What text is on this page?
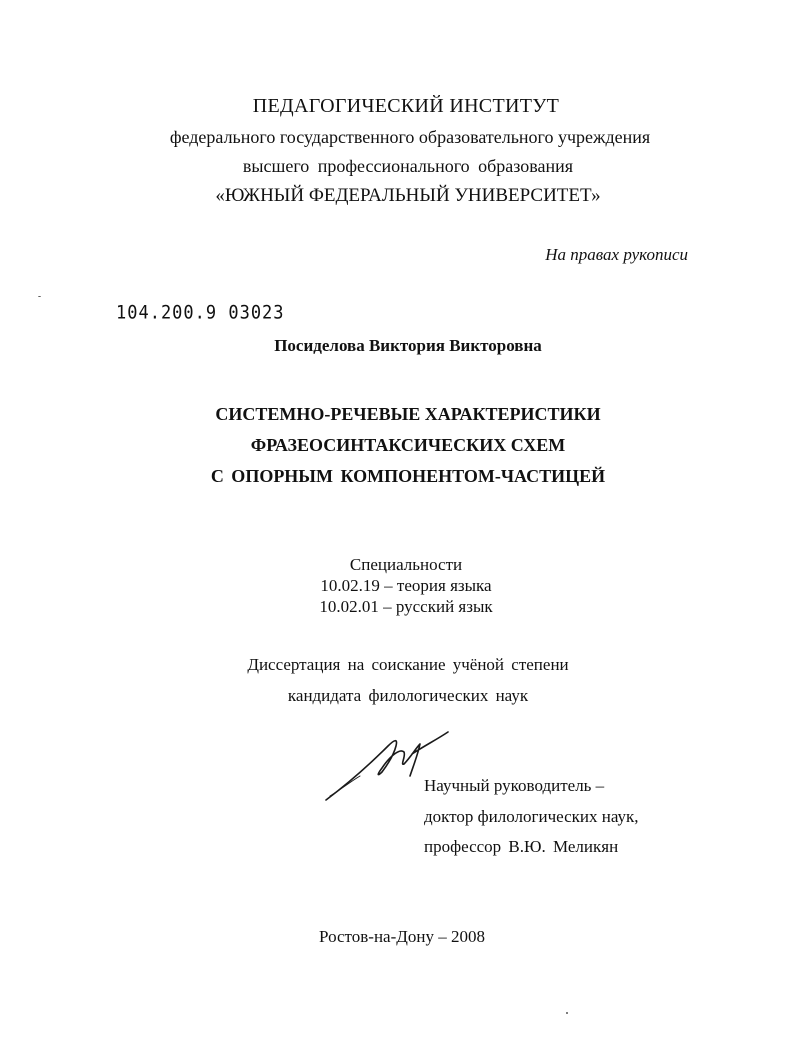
ПЕДАГОГИЧЕСКИЙ ИНСТИТУТ
федерального государственного образовательного учреждения
высшего профессионального образования
«ЮЖНЫЙ ФЕДЕРАЛЬНЫЙ УНИВЕРСИТЕТ»
На правах рукописи
104.200.9 03023
Посиделова Виктория Викторовна
СИСТЕМНО-РЕЧЕВЫЕ ХАРАКТЕРИСТИКИ
ФРАЗЕОСИНТАКСИЧЕСКИХ СХЕМ
С ОПОРНЫМ КОМПОНЕНТОМ-ЧАСТИЦЕЙ
Специальности
10.02.19 – теория языка
10.02.01 – русский язык
Диссертация на соискание учёной степени
кандидата филологических наук
Научный руководитель –
доктор филологических наук,
профессор В.Ю. Меликян
Ростов-на-Дону – 2008
